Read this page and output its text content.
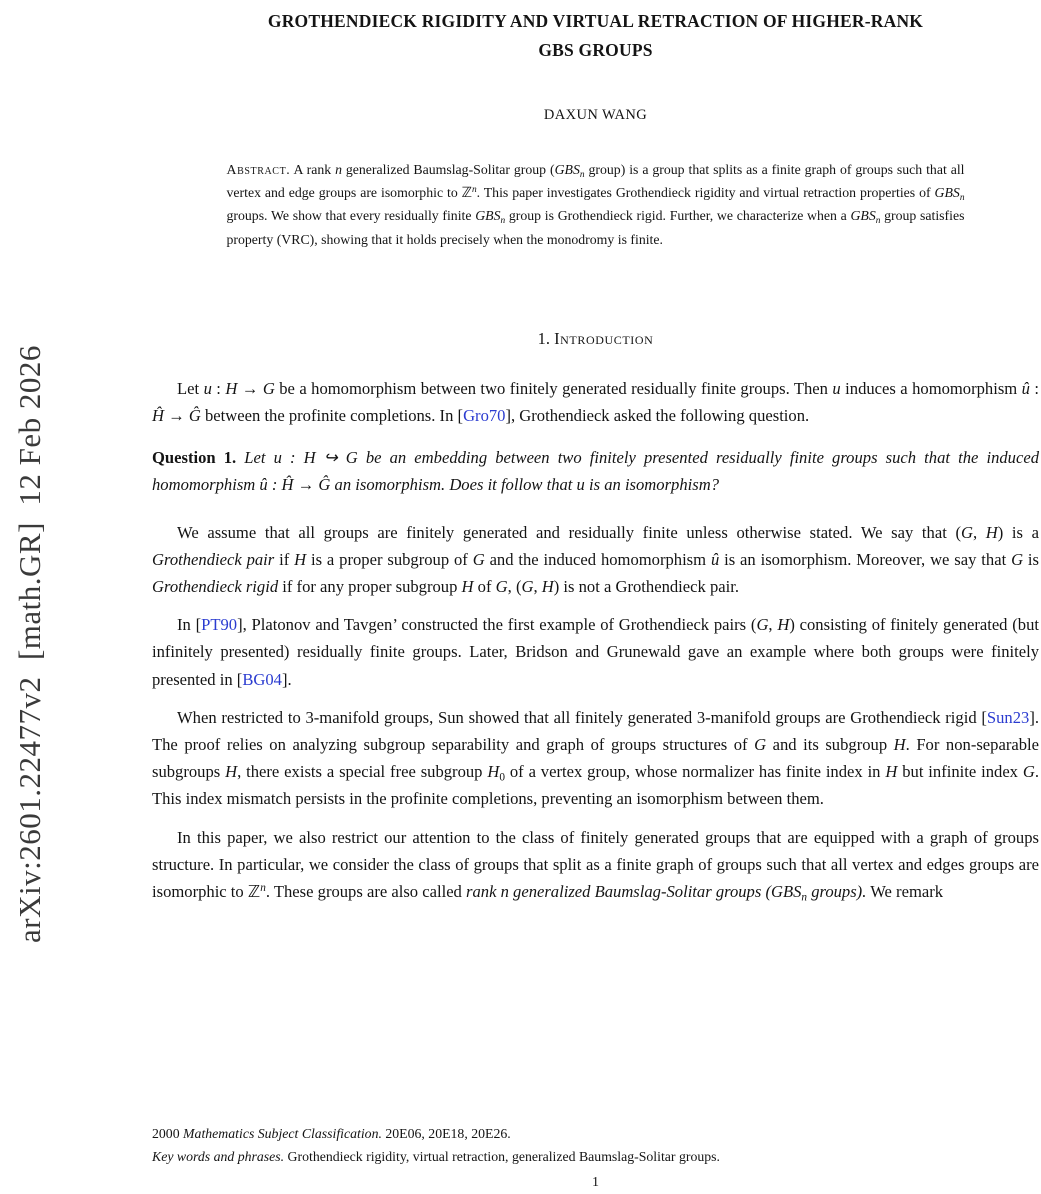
arXiv:2601.22477v2  [math.GR]  12 Feb 2026
GROTHENDIECK RIGIDITY AND VIRTUAL RETRACTION OF HIGHER-RANK
GBS GROUPS
DAXUN WANG
Abstract. A rank n generalized Baumslag-Solitar group ($GBS_n$ group) is a group that splits as a finite graph of groups such that all vertex and edge groups are isomorphic to ℤ$^n$. This paper investigates Grothendieck rigidity and virtual retraction properties of $GBS_n$ groups. We show that every residually finite $GBS_n$ group is Grothendieck rigid. Further, we characterize when a $GBS_n$ group satisfies property (VRC), showing that it holds precisely when the monodromy is finite.
1. Introduction

Let u : H → G be a homomorphism between two finitely generated residually finite groups. Then u induces a homomorphism û : Ĥ → Ĝ between the profinite completions. In [Gro70], Grothendieck asked the following question.

Question 1. Let u : H ↪ G be an embedding between two finitely presented residually finite groups such that the induced homomorphism û : Ĥ → Ĝ an isomorphism. Does it follow that u is an isomorphism?

We assume that all groups are finitely generated and residually finite unless otherwise stated. We say that (G, H) is a Grothendieck pair if H is a proper subgroup of G and the induced homomorphism û is an isomorphism. Moreover, we say that G is Grothendieck rigid if for any proper subgroup H of G, (G, H) is not a Grothendieck pair.

In [PT90], Platonov and Tavgen’ constructed the first example of Grothendieck pairs (G, H) consisting of finitely generated (but infinitely presented) residually finite groups. Later, Bridson and Grunewald gave an example where both groups were finitely presented in [BG04].

When restricted to 3-manifold groups, Sun showed that all finitely generated 3-manifold groups are Grothendieck rigid [Sun23]. The proof relies on analyzing subgroup separability and graph of groups structures of G and its subgroup H. For non-separable subgroups H, there exists a special free subgroup $H_0$ of a vertex group, whose normalizer has finite index in H but infinite index G. This index mismatch persists in the profinite completions, preventing an isomorphism between them.

In this paper, we also restrict our attention to the class of finitely generated groups that are equipped with a graph of groups structure. In particular, we consider the class of groups that split as a finite graph of groups such that all vertex and edges groups are isomorphic to ℤ$^n$. These groups are also called rank n generalized Baumslag-Solitar groups ($GBS_n$ groups). We remark

2000 Mathematics Subject Classification. 20E06, 20E18, 20E26.
Key words and phrases. Grothendieck rigidity, virtual retraction, generalized Baumslag-Solitar groups.
1
